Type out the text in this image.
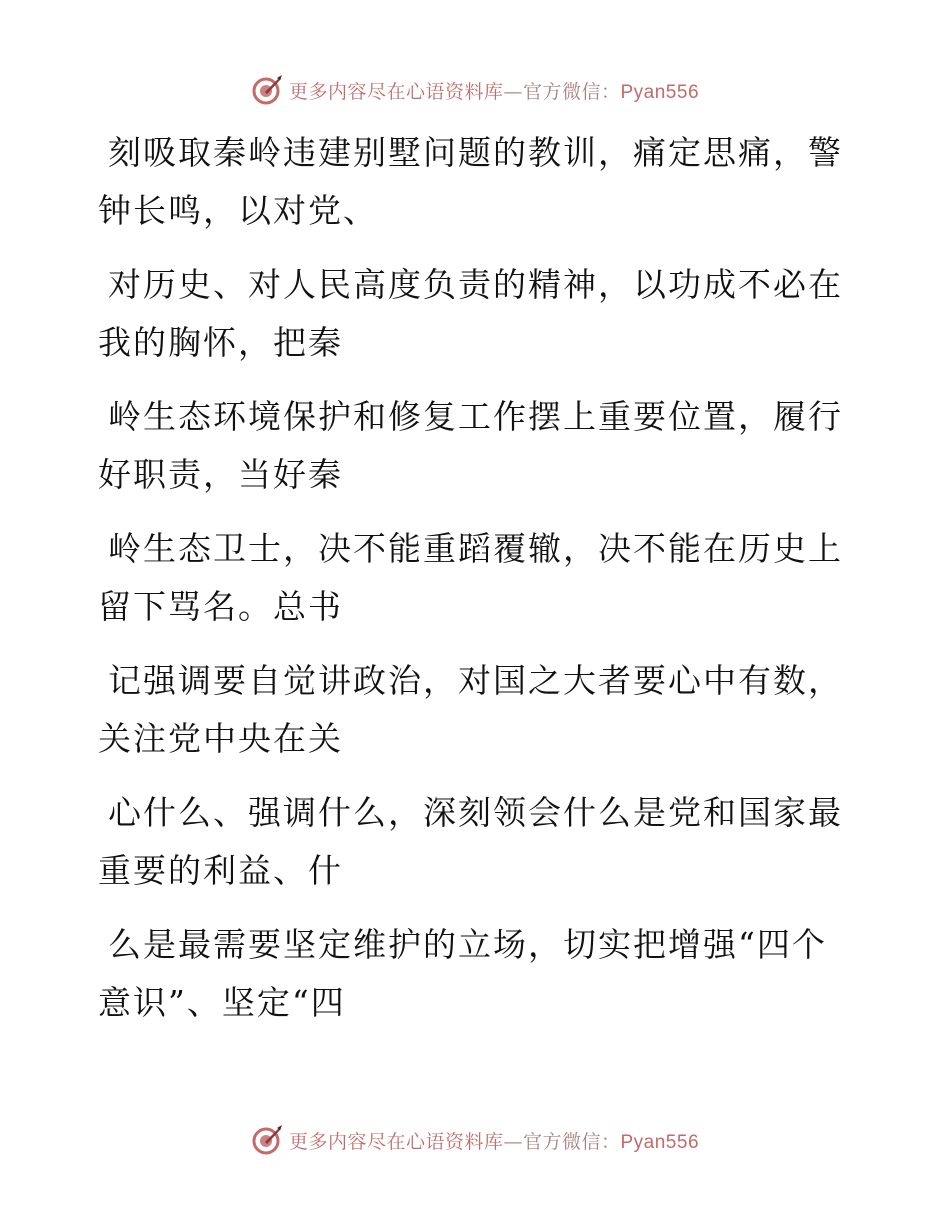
更多内容尽在心语资料库—官方微信：Pyan556

刻吸取秦岭违建别墅问题的教训，痛定思痛，警
钟长鸣，以对党、

对历史、对人民高度负责的精神，以功成不必在
我的胸怀，把秦

岭生态环境保护和修复工作摆上重要位置，履行
好职责，当好秦

岭生态卫士，决不能重蹈覆辙，决不能在历史上
留下骂名。总书

记强调要自觉讲政治，对国之大者要心中有数，
关注党中央在关

心什么、强调什么，深刻领会什么是党和国家最
重要的利益、什

么是最需要坚定维护的立场，切实把增强“四个
意识”、坚定“四

更多内容尽在心语资料库—官方微信：Pyan556
